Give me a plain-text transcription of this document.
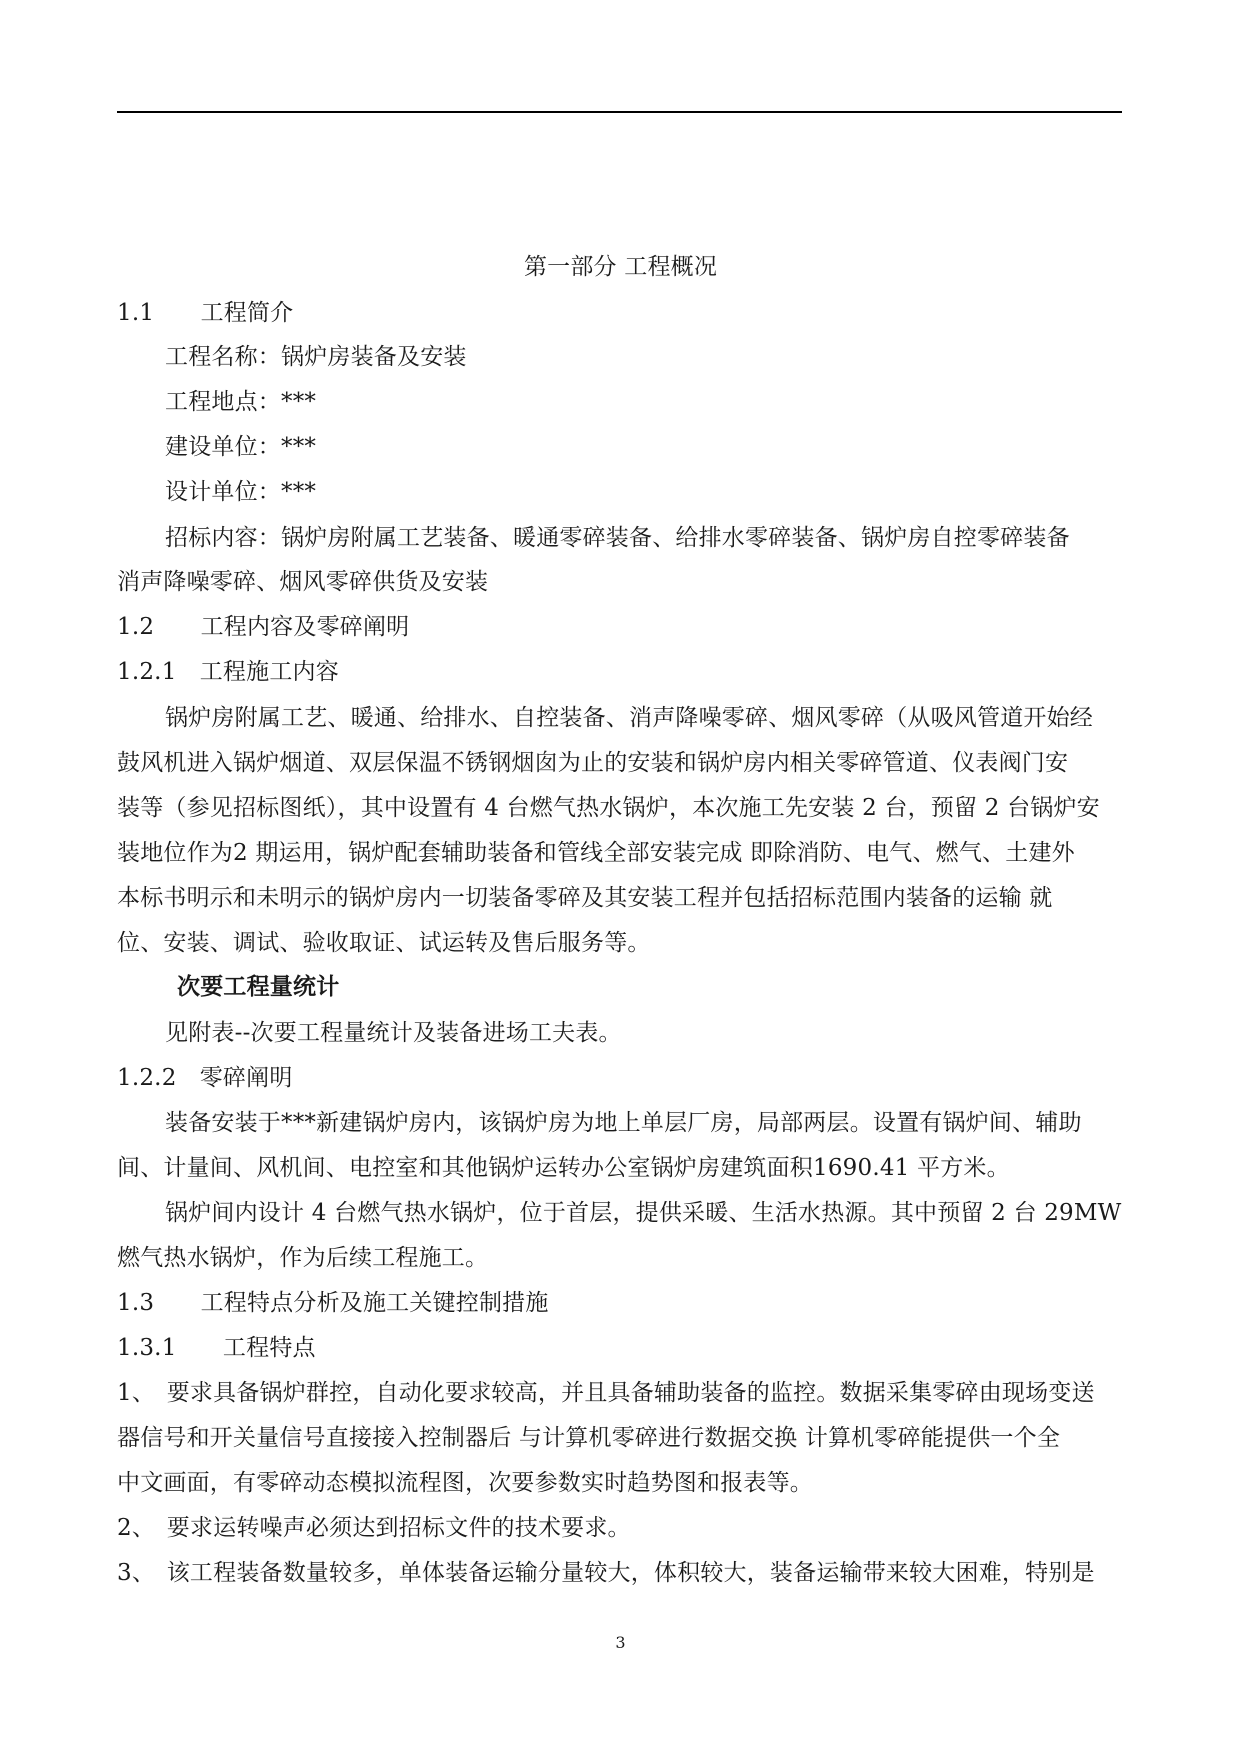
第一部分 工程概况
1.1　　工程简介
工程名称：锅炉房装备及安装
工程地点：***
建设单位：***
设计单位：***
招标内容：锅炉房附属工艺装备、暖通零碎装备、给排水零碎装备、锅炉房自控零碎装备
消声降噪零碎、烟风零碎供货及安装
1.2　　工程内容及零碎阐明
1.2.1　工程施工内容
锅炉房附属工艺、暖通、给排水、自控装备、消声降噪零碎、烟风零碎（从吸风管道开始经
鼓风机进入锅炉烟道、双层保温不锈钢烟囱为止的安装和锅炉房内相关零碎管道、仪表阀门安
装等（参见招标图纸），其中设置有 4 台燃气热水锅炉，本次施工先安装 2 台，预留 2 台锅炉安
装地位作为2 期运用，锅炉配套辅助装备和管线全部安装完成 即除消防、电气、燃气、土建外
本标书明示和未明示的锅炉房内一切装备零碎及其安装工程并包括招标范围内装备的运输 就
位、安装、调试、验收取证、试运转及售后服务等。
次要工程量统计
见附表--次要工程量统计及装备进场工夫表。
1.2.2　零碎阐明
装备安装于***新建锅炉房内，该锅炉房为地上单层厂房，局部两层。设置有锅炉间、辅助
间、计量间、风机间、电控室和其他锅炉运转办公室锅炉房建筑面积1690.41 平方米。
锅炉间内设计 4 台燃气热水锅炉，位于首层，提供采暖、生活水热源。其中预留 2 台 29MW
燃气热水锅炉，作为后续工程施工。
1.3　　工程特点分析及施工关键控制措施
1.3.1　　工程特点
1、　要求具备锅炉群控，自动化要求较高，并且具备辅助装备的监控。数据采集零碎由现场变送
器信号和开关量信号直接接入控制器后 与计算机零碎进行数据交换 计算机零碎能提供一个全
中文画面，有零碎动态模拟流程图，次要参数实时趋势图和报表等。
2、　要求运转噪声必须达到招标文件的技术要求。
3、　该工程装备数量较多，单体装备运输分量较大，体积较大，装备运输带来较大困难，特别是
3
